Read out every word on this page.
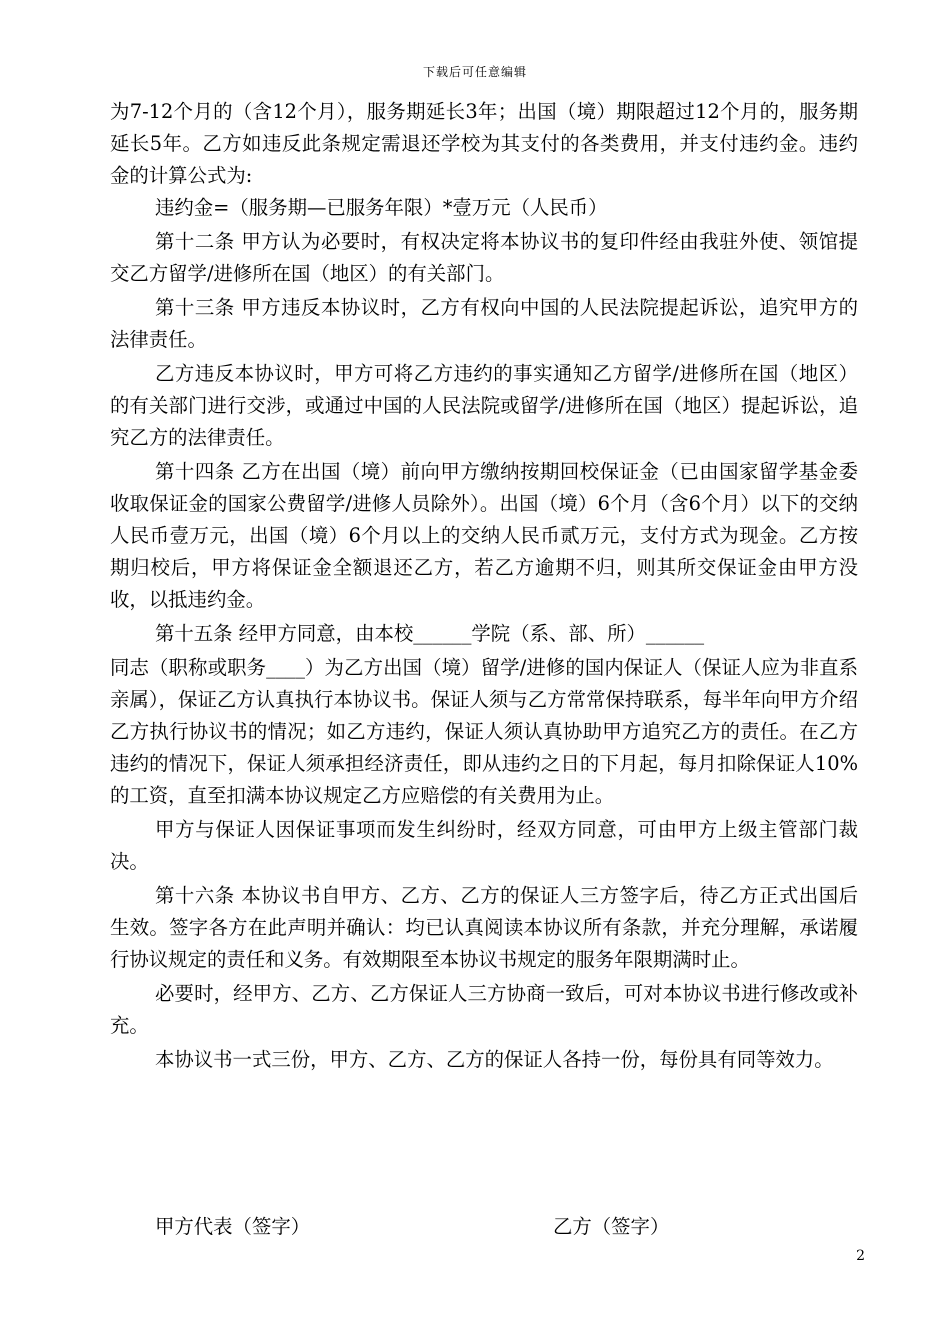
下载后可任意编辑

为7-12个月的（含12个月），服务期延长3年；出国（境）期限超过12个月的，服务期延长5年。乙方如违反此条规定需退还学校为其支付的各类费用，并支付违约金。违约金的计算公式为:

违约金=（服务期—已服务年限）*壹万元（人民币）

第十二条 甲方认为必要时，有权决定将本协议书的复印件经由我驻外使、领馆提交乙方留学/进修所在国（地区）的有关部门。

第十三条 甲方违反本协议时，乙方有权向中国的人民法院提起诉讼，追究甲方的法律责任。

乙方违反本协议时，甲方可将乙方违约的事实通知乙方留学/进修所在国（地区）的有关部门进行交涉，或通过中国的人民法院或留学/进修所在国（地区）提起诉讼，追究乙方的法律责任。

第十四条 乙方在出国（境）前向甲方缴纳按期回校保证金（已由国家留学基金委收取保证金的国家公费留学/进修人员除外）。出国（境）6个月（含6个月）以下的交纳人民币壹万元，出国（境）6个月以上的交纳人民币贰万元，支付方式为现金。乙方按期归校后，甲方将保证金全额退还乙方，若乙方逾期不归，则其所交保证金由甲方没收，以抵违约金。

第十五条 经甲方同意，由本校______学院（系、部、所）______

同志（职称或职务____）为乙方出国（境）留学/进修的国内保证人（保证人应为非直系亲属），保证乙方认真执行本协议书。保证人须与乙方常常保持联系，每半年向甲方介绍乙方执行协议书的情况；如乙方违约，保证人须认真协助甲方追究乙方的责任。在乙方违约的情况下，保证人须承担经济责任，即从违约之日的下月起，每月扣除保证人10%的工资，直至扣满本协议规定乙方应赔偿的有关费用为止。

甲方与保证人因保证事项而发生纠纷时，经双方同意，可由甲方上级主管部门裁决。

第十六条 本协议书自甲方、乙方、乙方的保证人三方签字后，待乙方正式出国后生效。签字各方在此声明并确认：均已认真阅读本协议所有条款，并充分理解，承诺履行协议规定的责任和义务。有效期限至本协议书规定的服务年限期满时止。

必要时，经甲方、乙方、乙方保证人三方协商一致后，可对本协议书进行修改或补充。

本协议书一式三份，甲方、乙方、乙方的保证人各持一份，每份具有同等效力。

甲方代表（签字）	乙方（签字）
2
